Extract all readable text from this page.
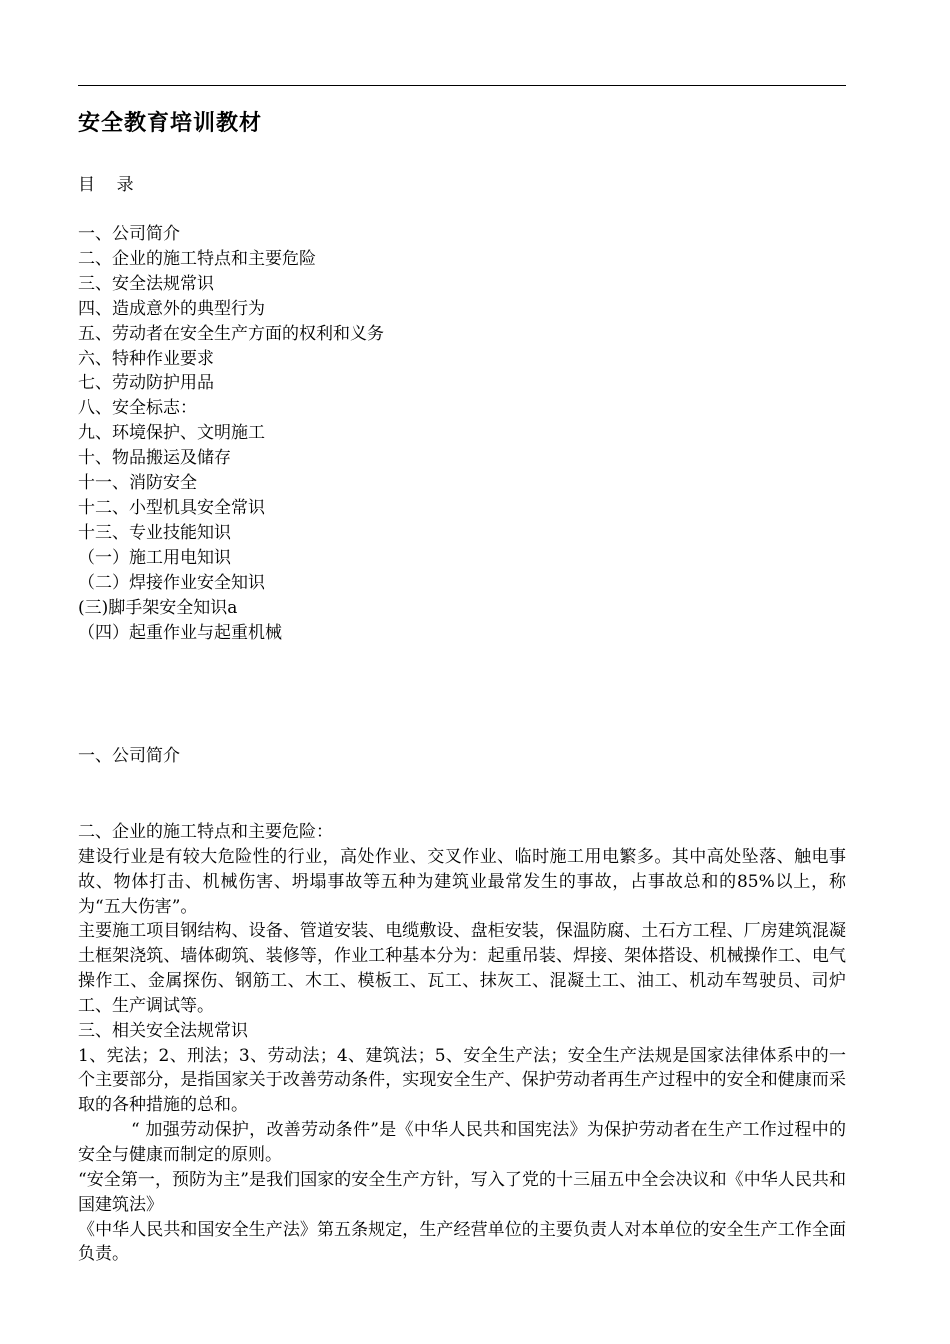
安全教育培训教材
目    录
一、公司简介
二、企业的施工特点和主要危险
三、安全法规常识
四、造成意外的典型行为
五、劳动者在安全生产方面的权利和义务
六、特种作业要求
七、劳动防护用品
八、安全标志：
九、环境保护、文明施工
十、物品搬运及储存
十一、消防安全
十二、小型机具安全常识
十三、专业技能知识
（一）施工用电知识
（二）焊接作业安全知识
(三)脚手架安全知识a
（四）起重作业与起重机械
一、公司简介

二、企业的施工特点和主要危险：

建设行业是有较大危险性的行业，高处作业、交叉作业、临时施工用电繁多。其中高处坠落、触电事故、物体打击、机械伤害、坍塌事故等五种为建筑业最常发生的事故，占事故总和的85%以上，称为“五大伤害”。

主要施工项目钢结构、设备、管道安装、电缆敷设、盘柜安装，保温防腐、土石方工程、厂房建筑混凝土框架浇筑、墙体砌筑、装修等，作业工种基本分为：起重吊装、焊接、架体搭设、机械操作工、电气操作工、金属探伤、钢筋工、木工、模板工、瓦工、抹灰工、混凝土工、油工、机动车驾驶员、司炉工、生产调试等。

三、相关安全法规常识

1、宪法；2、刑法；3、劳动法；4、建筑法；5、安全生产法；安全生产法规是国家法律体系中的一个主要部分，是指国家关于改善劳动条件，实现安全生产、保护劳动者再生产过程中的安全和健康而采取的各种措施的总和。

“ 加强劳动保护，改善劳动条件”是《中华人民共和国宪法》为保护劳动者在生产工作过程中的安全与健康而制定的原则。

“安全第一，预防为主”是我们国家的安全生产方针，写入了党的十三届五中全会决议和《中华人民共和国建筑法》

《中华人民共和国安全生产法》第五条规定，生产经营单位的主要负责人对本单位的安全生产工作全面负责。
